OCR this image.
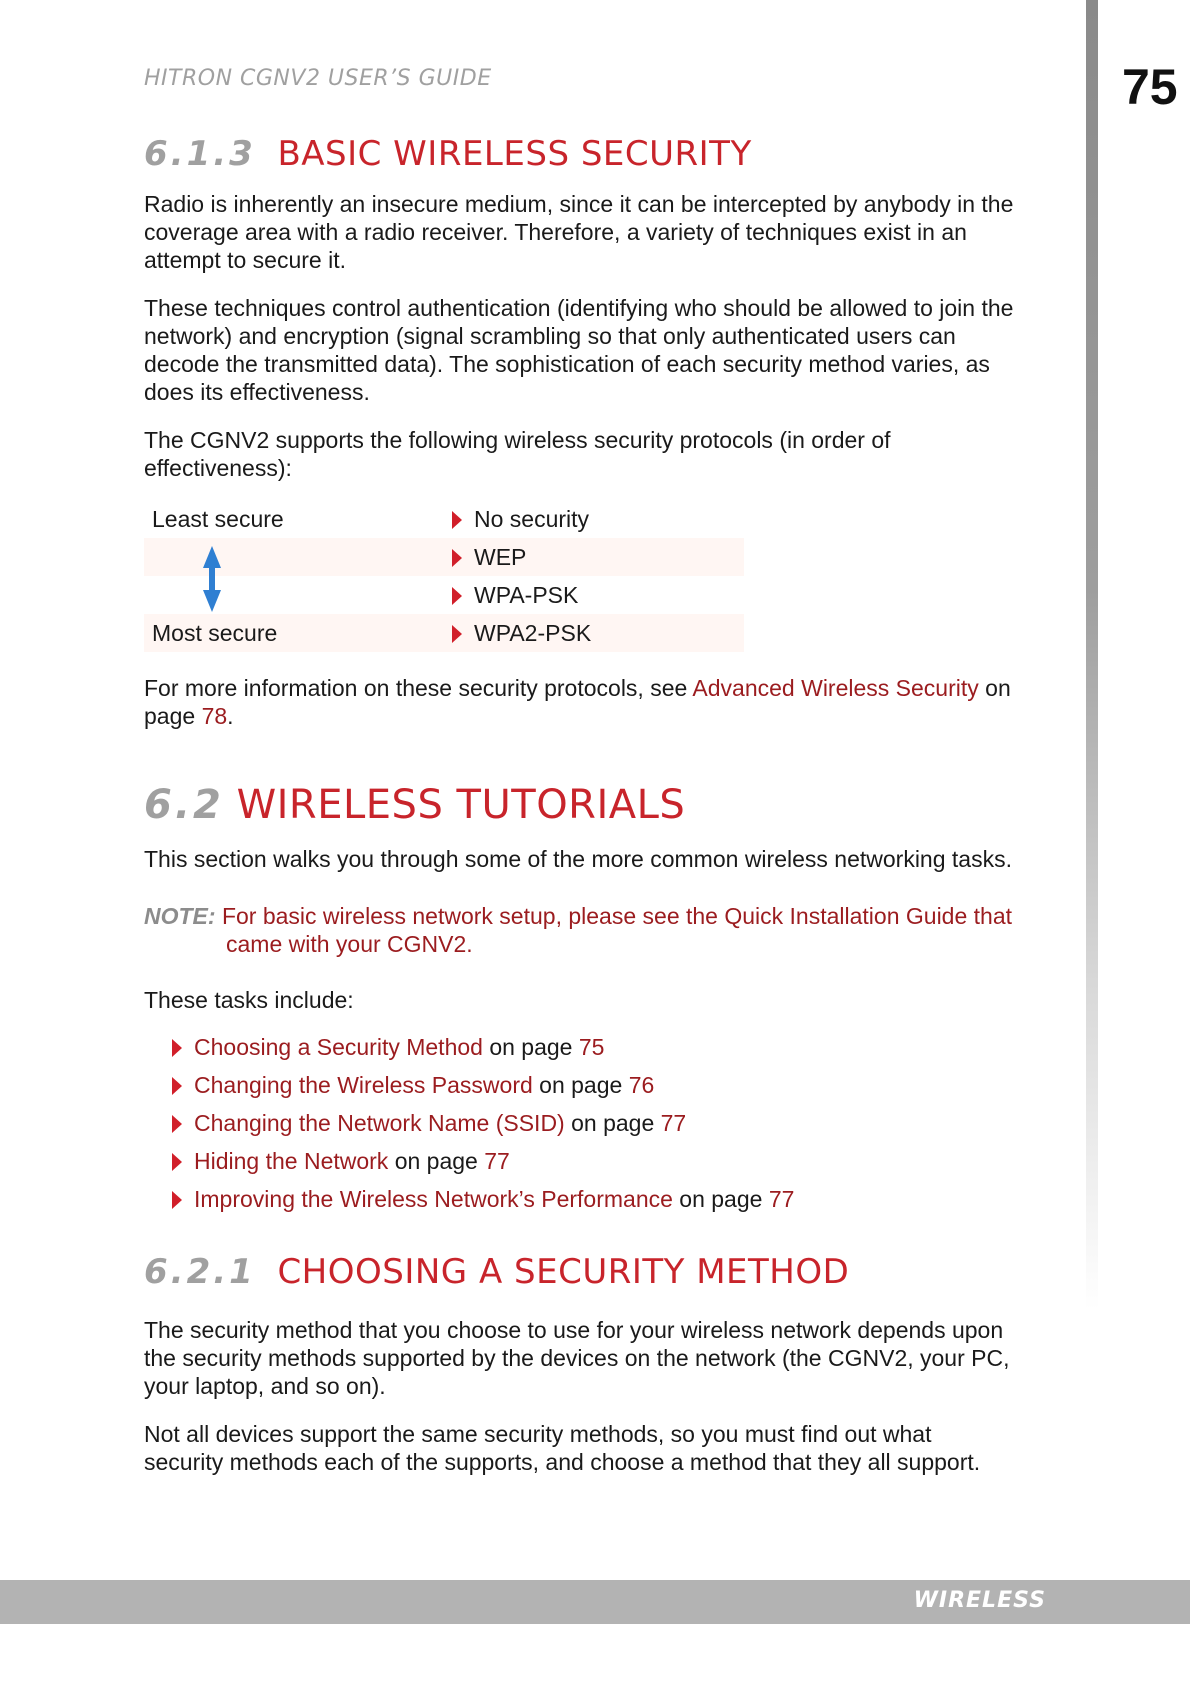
75
HITRON CGNV2 USER’S GUIDE
6.1.3 BASIC WIRELESS SECURITY
Radio is inherently an insecure medium, since it can be intercepted by anybody in the
coverage area with a radio receiver. Therefore, a variety of techniques exist in an
attempt to secure it.
These techniques control authentication (identifying who should be allowed to join the
network) and encryption (signal scrambling so that only authenticated users can
decode the transmitted data). The sophistication of each security method varies, as
does its effectiveness.
The CGNV2 supports the following wireless security protocols (in order of
effectiveness):
Least secure	No security
WEP
WPA-PSK
Most secure	WPA2-PSK
For more information on these security protocols, see Advanced Wireless Security on
page 78.
6.2 WIRELESS TUTORIALS
This section walks you through some of the more common wireless networking tasks.
NOTE: For basic wireless network setup, please see the Quick Installation Guide that
came with your CGNV2.
These tasks include:
Choosing a Security Method on page 75
Changing the Wireless Password on page 76
Changing the Network Name (SSID) on page 77
Hiding the Network on page 77
Improving the Wireless Network’s Performance on page 77
6.2.1 CHOOSING A SECURITY METHOD
The security method that you choose to use for your wireless network depends upon
the security methods supported by the devices on the network (the CGNV2, your PC,
your laptop, and so on).
Not all devices support the same security methods, so you must find out what
security methods each of the supports, and choose a method that they all support.
WIRELESS
